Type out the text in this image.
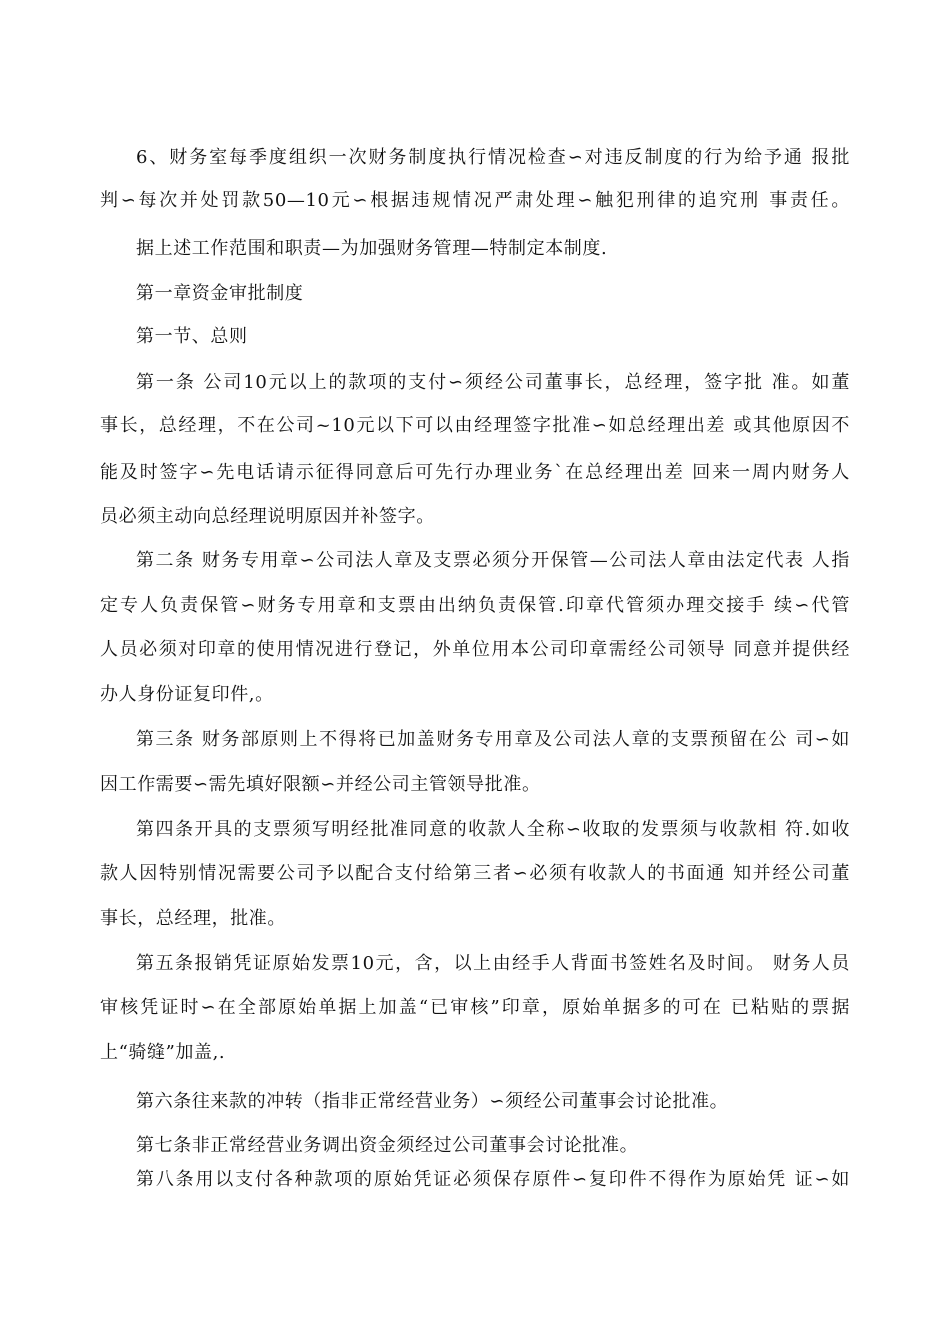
6、财务室每季度组织一次财务制度执行情况检查∽对违反制度的行为给予通 报批
判∽每次并处罚款50—10元∽根据违规情况严肃处理∽触犯刑律的追究刑 事责任。
据上述工作范围和职责—为加强财务管理—特制定本制度.
第一章资金审批制度
第一节、总则
第一条 公司10元以上的款项的支付∽须经公司董事长，总经理，签字批 准。如董
事长，总经理，不在公司~10元以下可以由经理签字批准∽如总经理出差 或其他原因不
能及时签字∽先电话请示征得同意后可先行办理业务`在总经理出差 回来一周内财务人
员必须主动向总经理说明原因并补签字。
第二条 财务专用章∽公司法人章及支票必须分开保管—公司法人章由法定代表 人指
定专人负责保管∽财务专用章和支票由出纳负责保管.印章代管须办理交接手 续∽代管
人员必须对印章的使用情况进行登记，外单位用本公司印章需经公司领导 同意并提供经
办人身份证复印件,。
第三条 财务部原则上不得将已加盖财务专用章及公司法人章的支票预留在公 司∽如
因工作需要∽需先填好限额∽并经公司主管领导批准。
第四条开具的支票须写明经批准同意的收款人全称∽收取的发票须与收款相 符.如收
款人因特别情况需要公司予以配合支付给第三者∽必须有收款人的书面通 知并经公司董
事长，总经理，批准。
第五条报销凭证原始发票10元，含，以上由经手人背面书签姓名及时间。 财务人员
审核凭证时∽在全部原始单据上加盖“已审核”印章，原始单据多的可在 已粘贴的票据
上“骑缝”加盖,.
第六条往来款的冲转（指非正常经营业务）∽须经公司董事会讨论批准。
第七条非正常经营业务调出资金须经过公司董事会讨论批准。
第八条用以支付各种款项的原始凭证必须保存原件∽复印件不得作为原始凭 证∽如
